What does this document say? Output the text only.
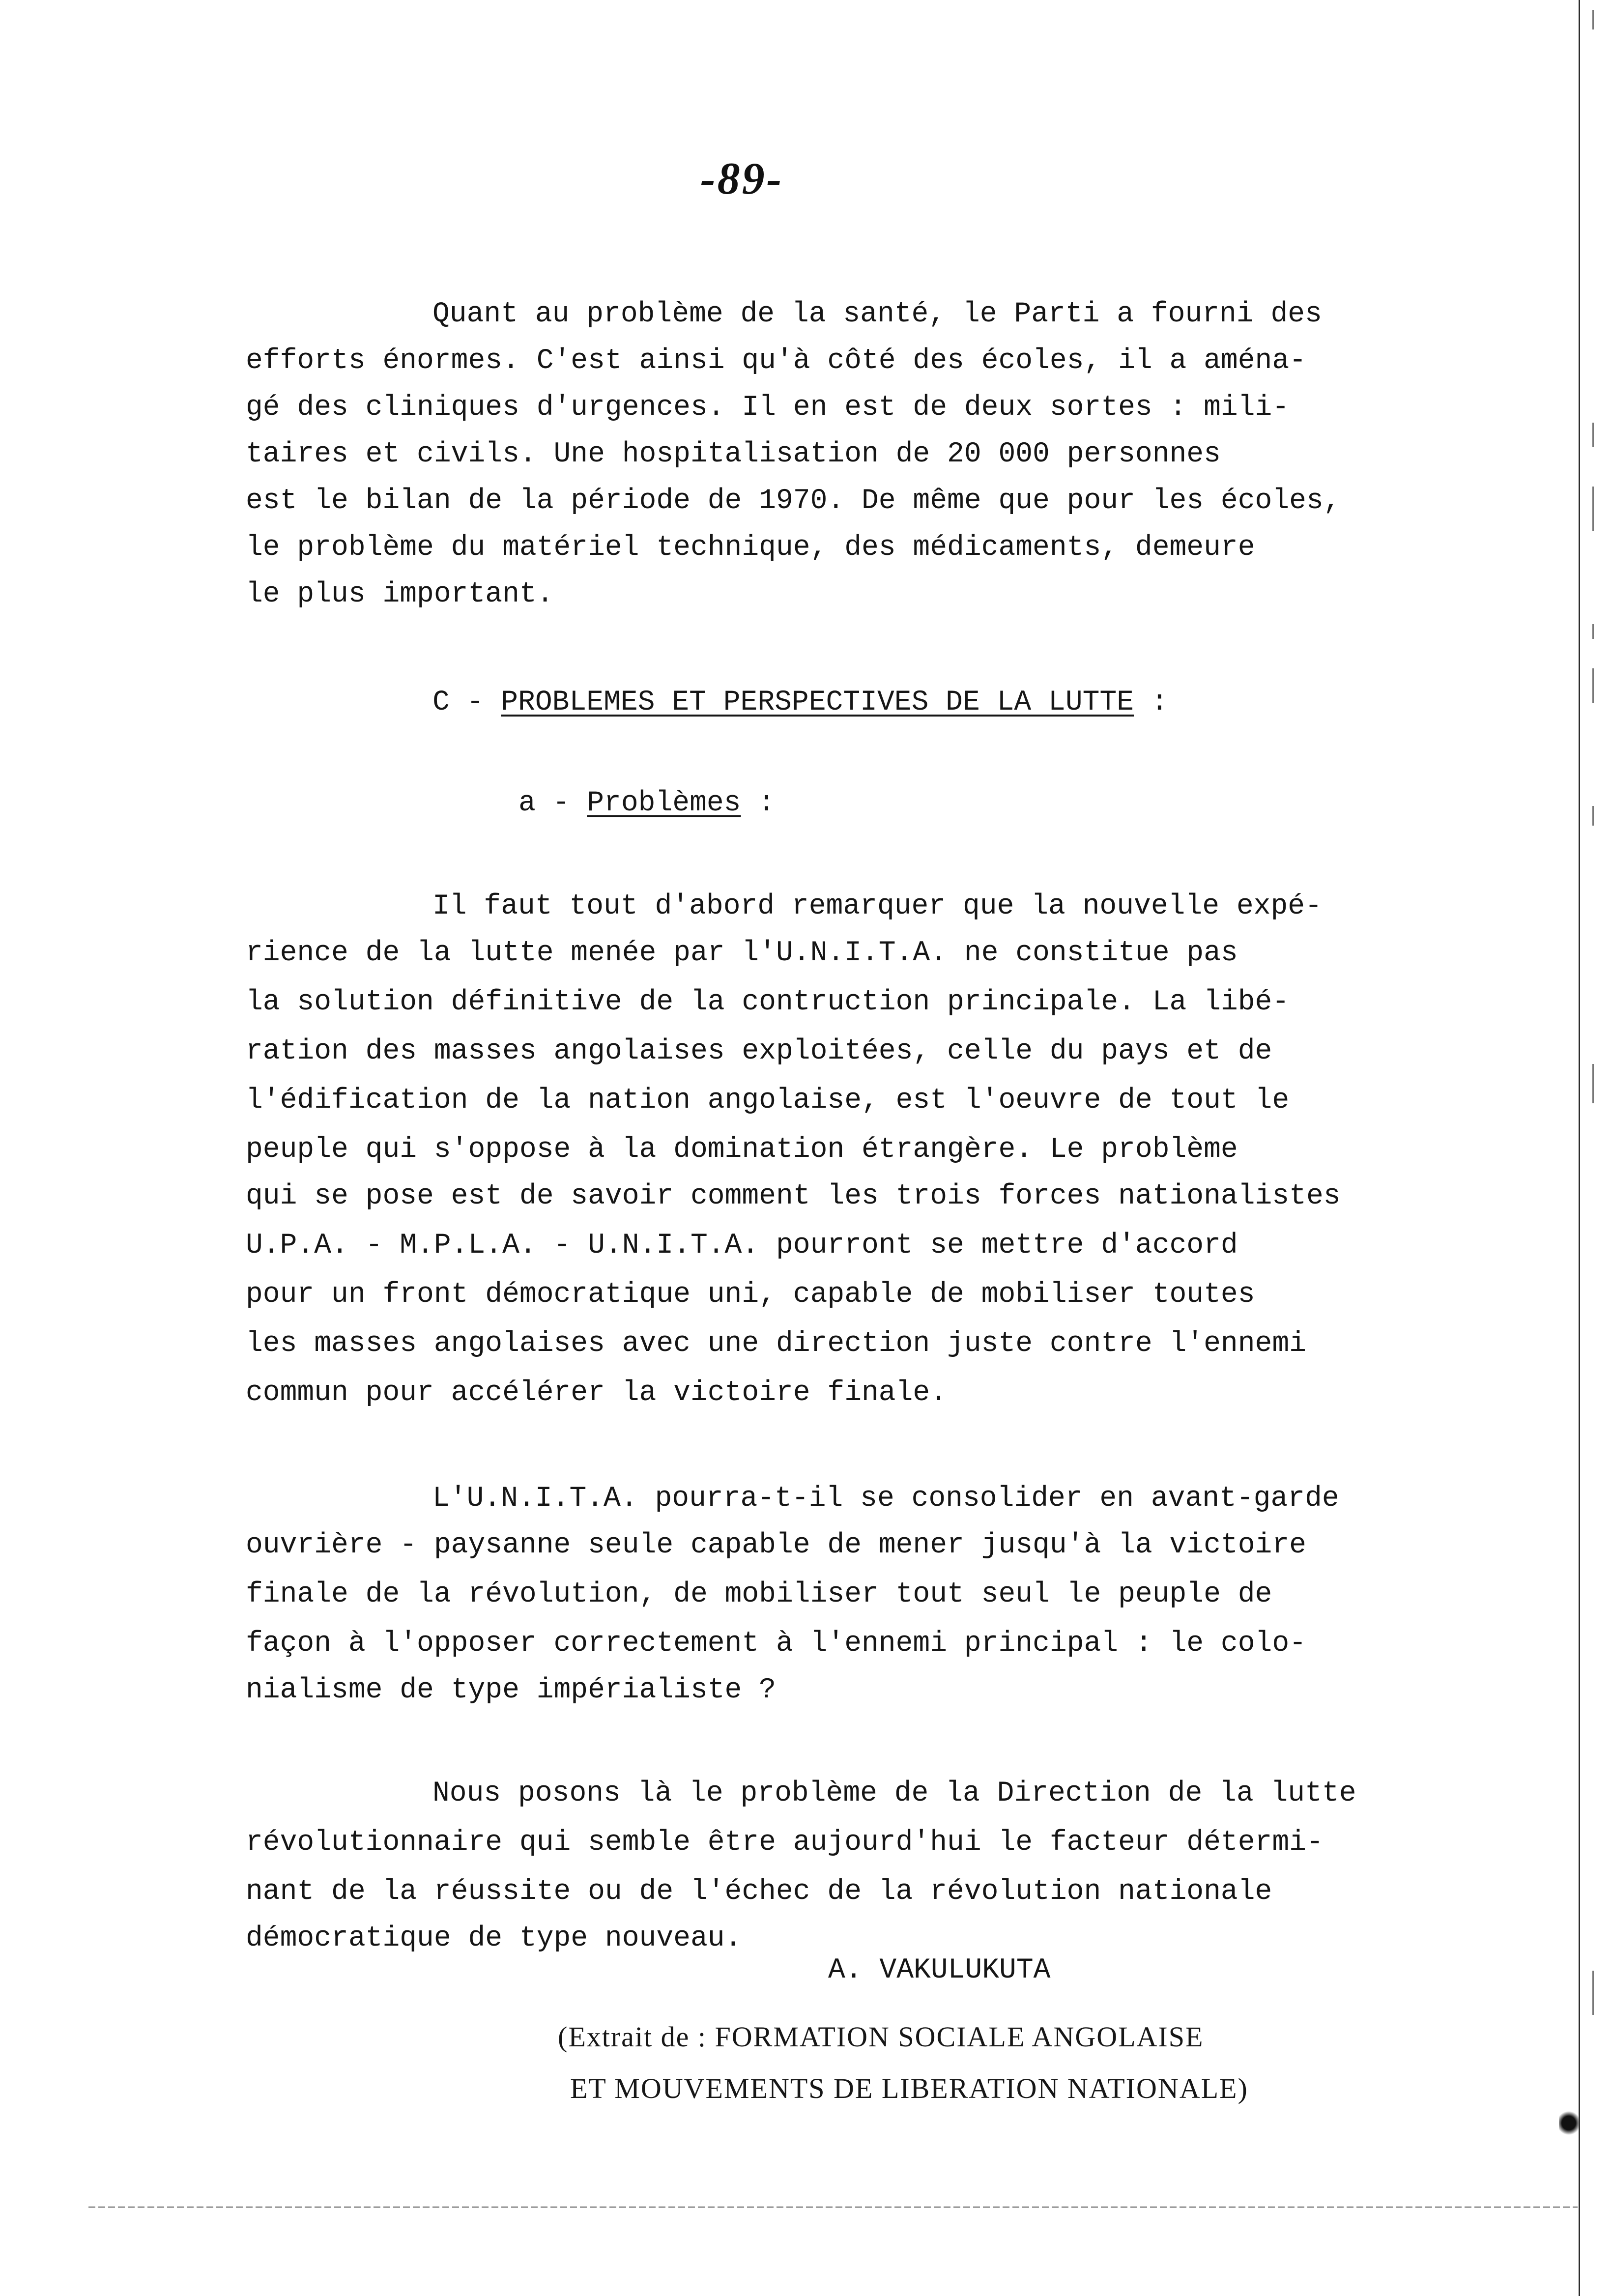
-89-
Quant au problème de la santé, le Parti a fourni des
efforts énormes. C'est ainsi qu'à côté des écoles, il a aména-
gé des cliniques d'urgences. Il en est de deux sortes : mili-
taires et civils. Une hospitalisation de 20 000 personnes
est le bilan de la période de 1970. De même que pour les écoles,
le problème du matériel technique, des médicaments, demeure
le plus important.
C - PROBLEMES ET PERSPECTIVES DE LA LUTTE :
a - Problèmes :
Il faut tout d'abord remarquer que la nouvelle expé-
rience de la lutte menée par l'U.N.I.T.A. ne constitue pas
la solution définitive de la contruction principale. La libé-
ration des masses angolaises exploitées, celle du pays et de
l'édification de la nation angolaise, est l'oeuvre de tout le
peuple qui s'oppose à la domination étrangère. Le problème
qui se pose est de savoir comment les trois forces nationalistes
U.P.A. - M.P.L.A. - U.N.I.T.A. pourront se mettre d'accord
pour un front démocratique uni, capable de mobiliser toutes
les masses angolaises avec une direction juste contre l'ennemi
commun pour accélérer la victoire finale.
L'U.N.I.T.A. pourra-t-il se consolider en avant-garde
ouvrière - paysanne seule capable de mener jusqu'à la victoire
finale de la révolution, de mobiliser tout seul le peuple de
façon à l'opposer correctement à l'ennemi principal : le colo-
nialisme de type impérialiste ?
Nous posons là le problème de la Direction de la lutte
révolutionnaire qui semble être aujourd'hui le facteur détermi-
nant de la réussite ou de l'échec de la révolution nationale
démocratique de type nouveau.
A. VAKULUKUTA
(Extrait de : FORMATION SOCIALE ANGOLAISE
ET MOUVEMENTS DE LIBERATION NATIONALE)
